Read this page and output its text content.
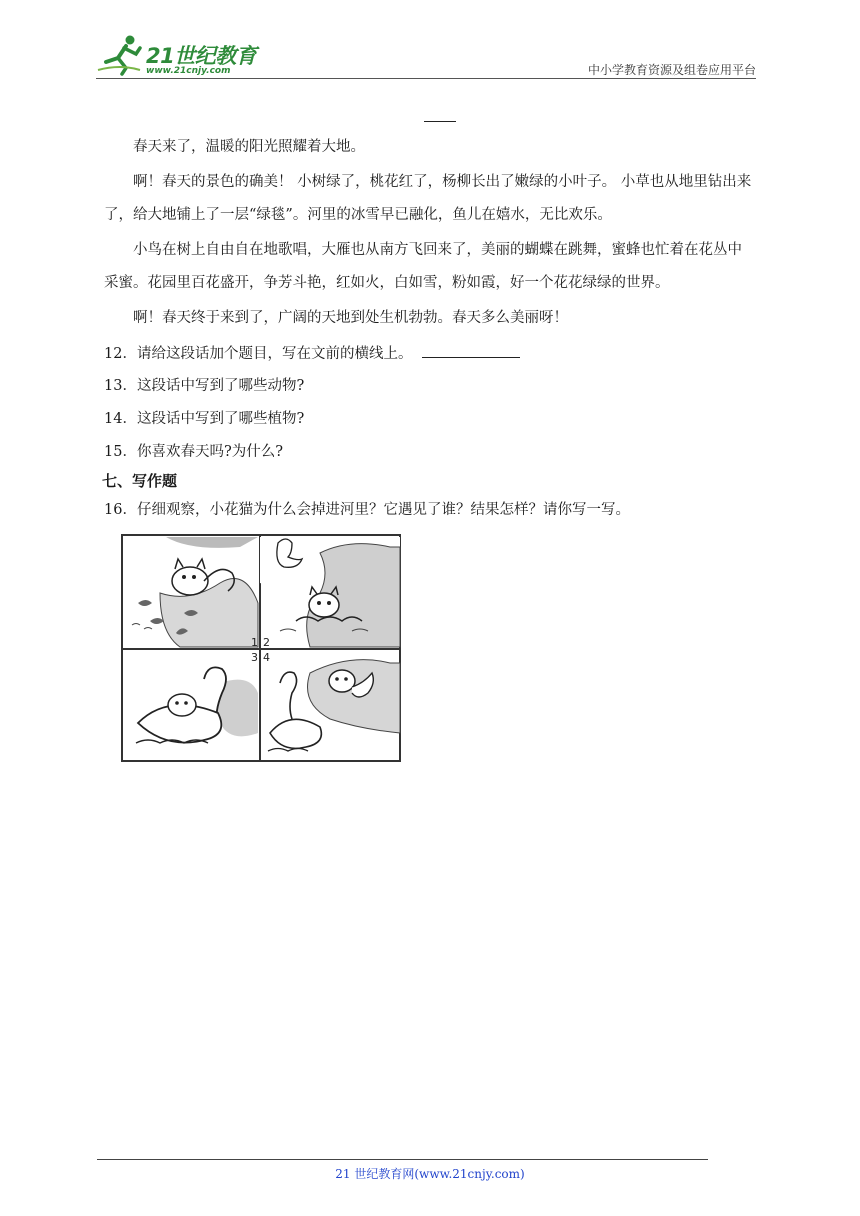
21世纪教育
www.21cnjy.com	中小学教育资源及组卷应用平台

春天来了，温暖的阳光照耀着大地。

啊！春天的景色的确美！ 小树绿了，桃花红了，杨柳长出了嫩绿的小叶子。 小草也从地里钻出来了，给大地铺上了一层“绿毯”。河里的冰雪早已融化，鱼儿在嬉水，无比欢乐。

小鸟在树上自由自在地歌唱，大雁也从南方飞回来了，美丽的蝴蝶在跳舞，蜜蜂也忙着在花丛中采蜜。花园里百花盛开，争芳斗艳，红如火，白如雪，粉如霞，好一个花花绿绿的世界。

啊！春天终于来到了，广阔的天地到处生机勃勃。春天多么美丽呀！

12．请给这段话加个题目，写在文前的横线上。
13．这段话中写到了哪些动物?
14．这段话中写到了哪些植物?
15．你喜欢春天吗?为什么?
七、写作题
16．仔细观察，小花猫为什么会掉进河里？它遇见了谁？结果怎样？请你写一写。
1 2
3 4
21 世纪教育网(www.21cnjy.com)
